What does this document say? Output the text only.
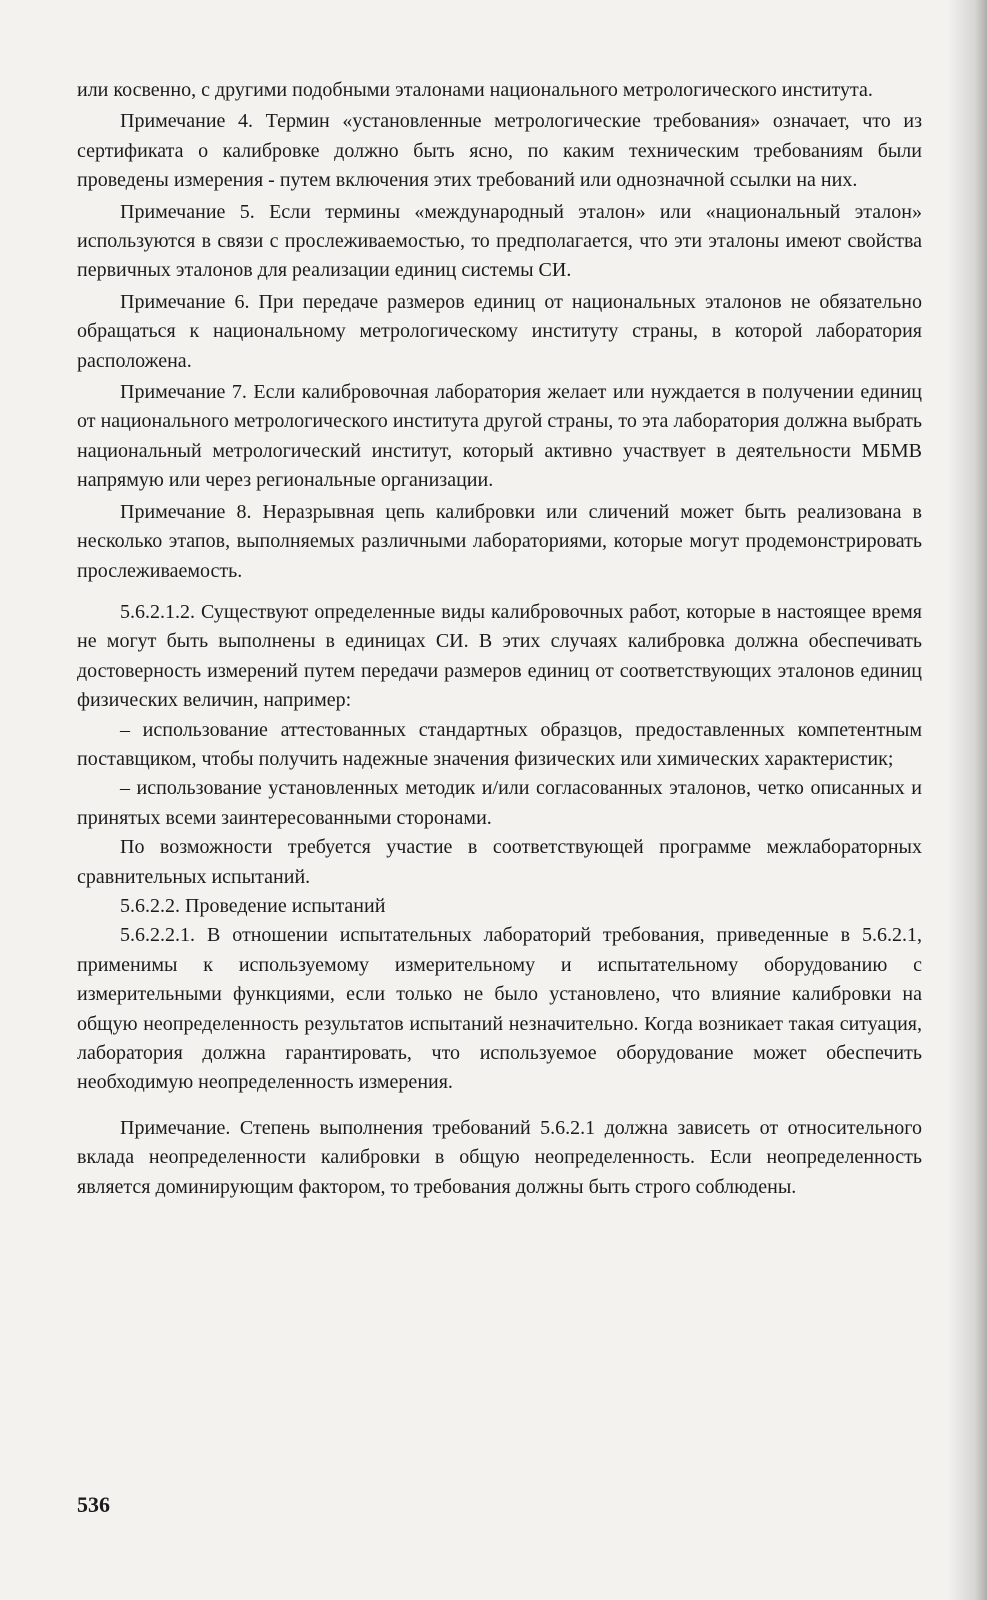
или косвенно, с другими подобными эталонами национального метрологического института.

Примечание 4. Термин «установленные метрологические требования» означает, что из сертификата о калибровке должно быть ясно, по каким техническим требованиям были проведены измерения - путем включения этих требований или однозначной ссылки на них.

Примечание 5. Если термины «международный эталон» или «национальный эталон» используются в связи с прослеживаемостью, то предполагается, что эти эталоны имеют свойства первичных эталонов для реализации единиц системы СИ.

Примечание 6. При передаче размеров единиц от национальных эталонов не обязательно обращаться к национальному метрологическому институту страны, в которой лаборатория расположена.

Примечание 7. Если калибровочная лаборатория желает или нуждается в получении единиц от национального метрологического института другой страны, то эта лаборатория должна выбрать национальный метрологический институт, который активно участвует в деятельности МБМВ напрямую или через региональные организации.

Примечание 8. Неразрывная цепь калибровки или сличений может быть реализована в несколько этапов, выполняемых различными лабораториями, которые могут продемонстрировать прослеживаемость.

5.6.2.1.2. Существуют определенные виды калибровочных работ, которые в настоящее время не могут быть выполнены в единицах СИ. В этих случаях калибровка должна обеспечивать достоверность измерений путем передачи размеров единиц от соответствующих эталонов единиц физических величин, например:

– использование аттестованных стандартных образцов, предоставленных компетентным поставщиком, чтобы получить надежные значения физических или химических характеристик;

– использование установленных методик и/или согласованных эталонов, четко описанных и принятых всеми заинтересованными сторонами.

По возможности требуется участие в соответствующей программе межлабораторных сравнительных испытаний.

5.6.2.2. Проведение испытаний

5.6.2.2.1. В отношении испытательных лабораторий требования, приведенные в 5.6.2.1, применимы к используемому измерительному и испытательному оборудованию с измерительными функциями, если только не было установлено, что влияние калибровки на общую неопределенность результатов испытаний незначительно. Когда возникает такая ситуация, лаборатория должна гарантировать, что используемое оборудование может обеспечить необходимую неопределенность измерения.

Примечание. Степень выполнения требований 5.6.2.1 должна зависеть от относительного вклада неопределенности калибровки в общую неопределенность. Если неопределенность является доминирующим фактором, то требования должны быть строго соблюдены.

536
